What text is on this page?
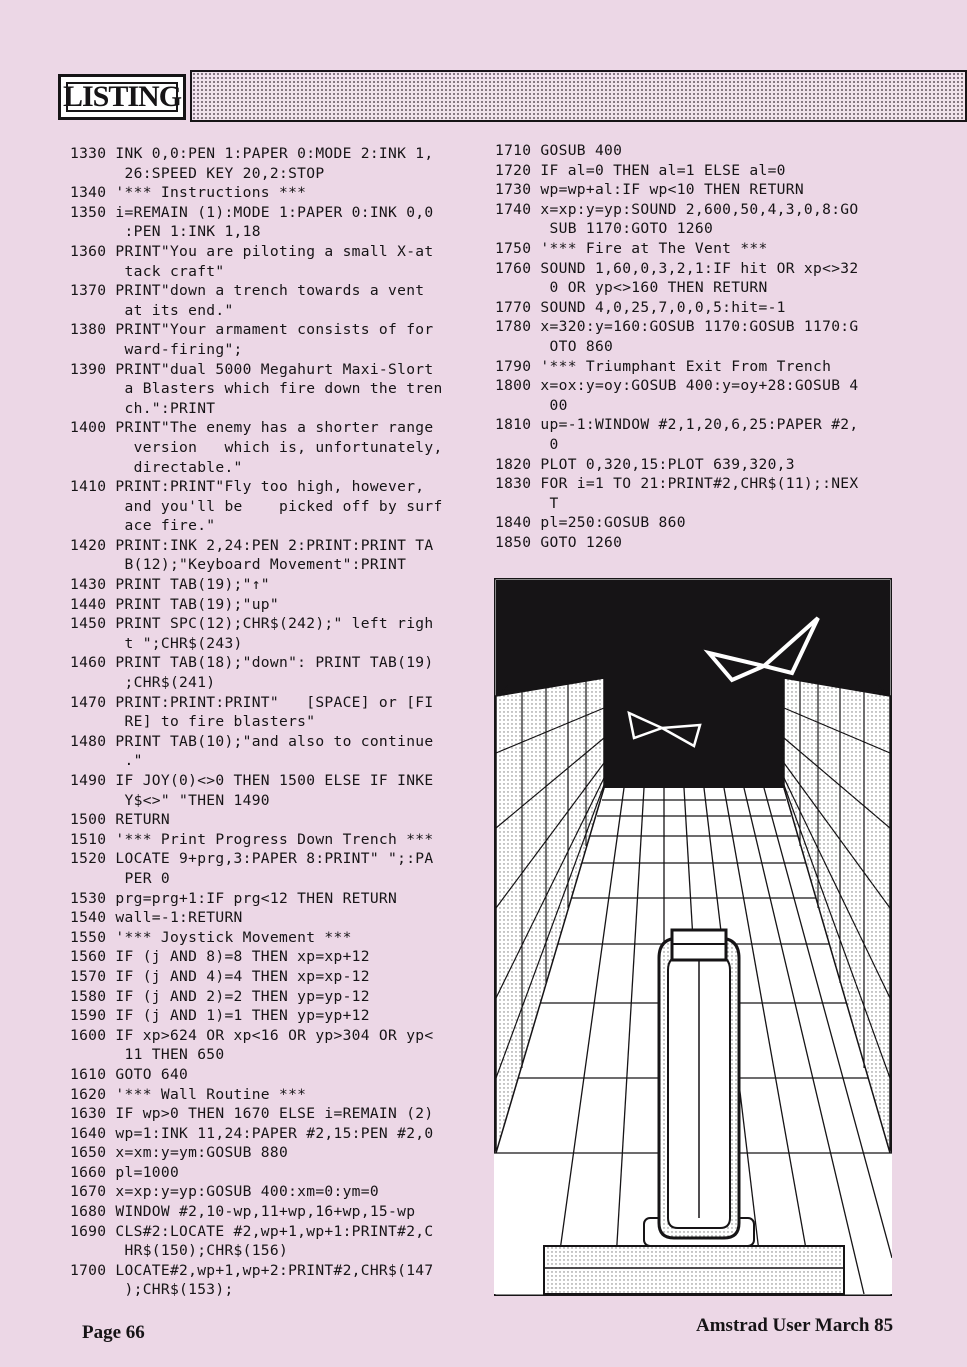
LISTING
1330 INK 0,0:PEN 1:PAPER 0:MODE 2:INK 1,
26:SPEED KEY 20,2:STOP
1340 '*** Instructions ***
1350 i=REMAIN (1):MODE 1:PAPER 0:INK 0,0
:PEN 1:INK 1,18
1360 PRINT"You are piloting a small X-at
tack craft"
1370 PRINT"down a trench towards a vent
at its end."
1380 PRINT"Your armament consists of for
ward-firing";
1390 PRINT"dual 5000 Megahurt Maxi-Slort
a Blasters which fire down the tren
ch.":PRINT
1400 PRINT"The enemy has a shorter range
version   which is, unfortunately,
directable."
1410 PRINT:PRINT"Fly too high, however,
and you'll be    picked off by surf
ace fire."
1420 PRINT:INK 2,24:PEN 2:PRINT:PRINT TA
B(12);"Keyboard Movement":PRINT
1430 PRINT TAB(19);"↑"
1440 PRINT TAB(19);"up"
1450 PRINT SPC(12);CHR$(242);" left righ
t ";CHR$(243)
1460 PRINT TAB(18);"down": PRINT TAB(19)
;CHR$(241)
1470 PRINT:PRINT:PRINT"   [SPACE] or [FI
RE] to fire blasters"
1480 PRINT TAB(10);"and also to continue
."
1490 IF JOY(0)<>0 THEN 1500 ELSE IF INKE
Y$<>" "THEN 1490
1500 RETURN
1510 '*** Print Progress Down Trench ***
1520 LOCATE 9+prg,3:PAPER 8:PRINT" ";:PA
PER 0
1530 prg=prg+1:IF prg<12 THEN RETURN
1540 wall=-1:RETURN
1550 '*** Joystick Movement ***
1560 IF (j AND 8)=8 THEN xp=xp+12
1570 IF (j AND 4)=4 THEN xp=xp-12
1580 IF (j AND 2)=2 THEN yp=yp-12
1590 IF (j AND 1)=1 THEN yp=yp+12
1600 IF xp>624 OR xp<16 OR yp>304 OR yp<
11 THEN 650
1610 GOTO 640
1620 '*** Wall Routine ***
1630 IF wp>0 THEN 1670 ELSE i=REMAIN (2)
1640 wp=1:INK 11,24:PAPER #2,15:PEN #2,0
1650 x=xm:y=ym:GOSUB 880
1660 pl=1000
1670 x=xp:y=yp:GOSUB 400:xm=0:ym=0
1680 WINDOW #2,10-wp,11+wp,16+wp,15-wp
1690 CLS#2:LOCATE #2,wp+1,wp+1:PRINT#2,C
HR$(150);CHR$(156)
1700 LOCATE#2,wp+1,wp+2:PRINT#2,CHR$(147
);CHR$(153);
1710 GOSUB 400
1720 IF al=0 THEN al=1 ELSE al=0
1730 wp=wp+al:IF wp<10 THEN RETURN
1740 x=xp:y=yp:SOUND 2,600,50,4,3,0,8:GO
SUB 1170:GOTO 1260
1750 '*** Fire at The Vent ***
1760 SOUND 1,60,0,3,2,1:IF hit OR xp<>32
0 OR yp<>160 THEN RETURN
1770 SOUND 4,0,25,7,0,0,5:hit=-1
1780 x=320:y=160:GOSUB 1170:GOSUB 1170:G
OTO 860
1790 '*** Triumphant Exit From Trench
1800 x=ox:y=oy:GOSUB 400:y=oy+28:GOSUB 4
00
1810 up=-1:WINDOW #2,1,20,6,25:PAPER #2,
0
1820 PLOT 0,320,15:PLOT 639,320,3
1830 FOR i=1 TO 21:PRINT#2,CHR$(11);:NEX
T
1840 pl=250:GOSUB 860
1850 GOTO 1260
Page 66	Amstrad User March 85
